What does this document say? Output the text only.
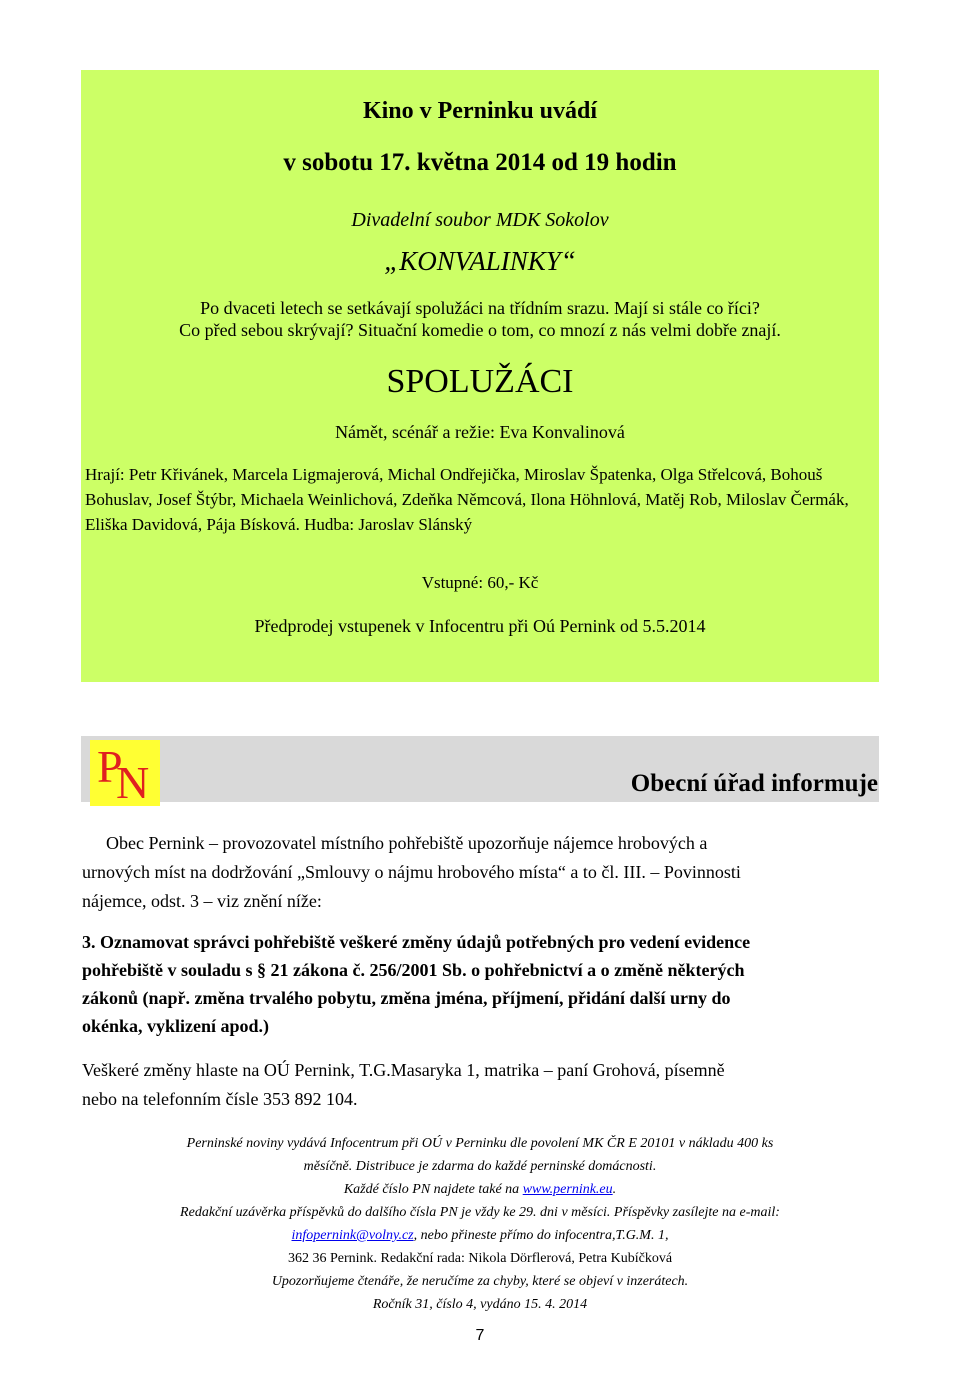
Kino v Perninku uvádí
v sobotu 17. května 2014 od 19 hodin
Divadelní soubor MDK Sokolov
„KONVALINKY“
Po dvaceti letech se setkávají spolužáci na třídním srazu. Mají si stále co říci?
Co před sebou skrývají? Situační komedie o tom, co mnozí z nás velmi dobře znají.
SPOLUŽÁCI
Námět, scénář a režie: Eva Konvalinová
Hrají: Petr Křivánek, Marcela Ligmajerová, Michal Ondřejička, Miroslav Špatenka, Olga Střelcová, Bohouš Bohuslav, Josef Štýbr, Michaela Weinlichová, Zdeňka Němcová, Ilona Höhnlová, Matěj Rob, Miloslav Čermák, Eliška Davidová, Pája Bísková. Hudba: Jaroslav Slánský
Vstupné: 60,- Kč
Předprodej vstupenek v Infocentru při Oú Pernink od 5.5.2014
P
N	Obecní úřad informuje
Obec Pernink – provozovatel místního pohřebiště upozorňuje nájemce hrobových a
urnových míst na dodržování „Smlouvy o nájmu hrobového místa“ a to čl. III. – Povinnosti
nájemce, odst. 3 – viz znění níže:
3. Oznamovat správci pohřebiště veškeré změny údajů potřebných pro vedení evidence
pohřebiště v souladu s § 21 zákona č. 256/2001 Sb. o pohřebnictví a o změně některých
zákonů (např. změna trvalého pobytu, změna jména, příjmení, přidání další urny do
okénka, vyklizení apod.)
Veškeré změny hlaste na OÚ Pernink, T.G.Masaryka 1, matrika – paní Grohová, písemně
nebo na telefonním čísle 353 892 104.
Perninské noviny vydává Infocentrum při OÚ v Perninku dle povolení MK ČR E 20101 v nákladu 400 ks
měsíčně. Distribuce je zdarma do každé perninské domácnosti.
Každé číslo PN najdete také na www.pernink.eu.
Redakční uzávěrka příspěvků do dalšího čísla PN je vždy ke 29. dni v měsíci. Příspěvky zasílejte na e-mail:
infopernink@volny.cz, nebo přineste přímo do infocentra,T.G.M. 1,
362 36 Pernink. Redakční rada: Nikola Dörflerová, Petra Kubíčková
Upozorňujeme čtenáře, že neručíme za chyby, které se objeví v inzerátech.
Ročník 31, číslo 4, vydáno 15. 4. 2014
7
